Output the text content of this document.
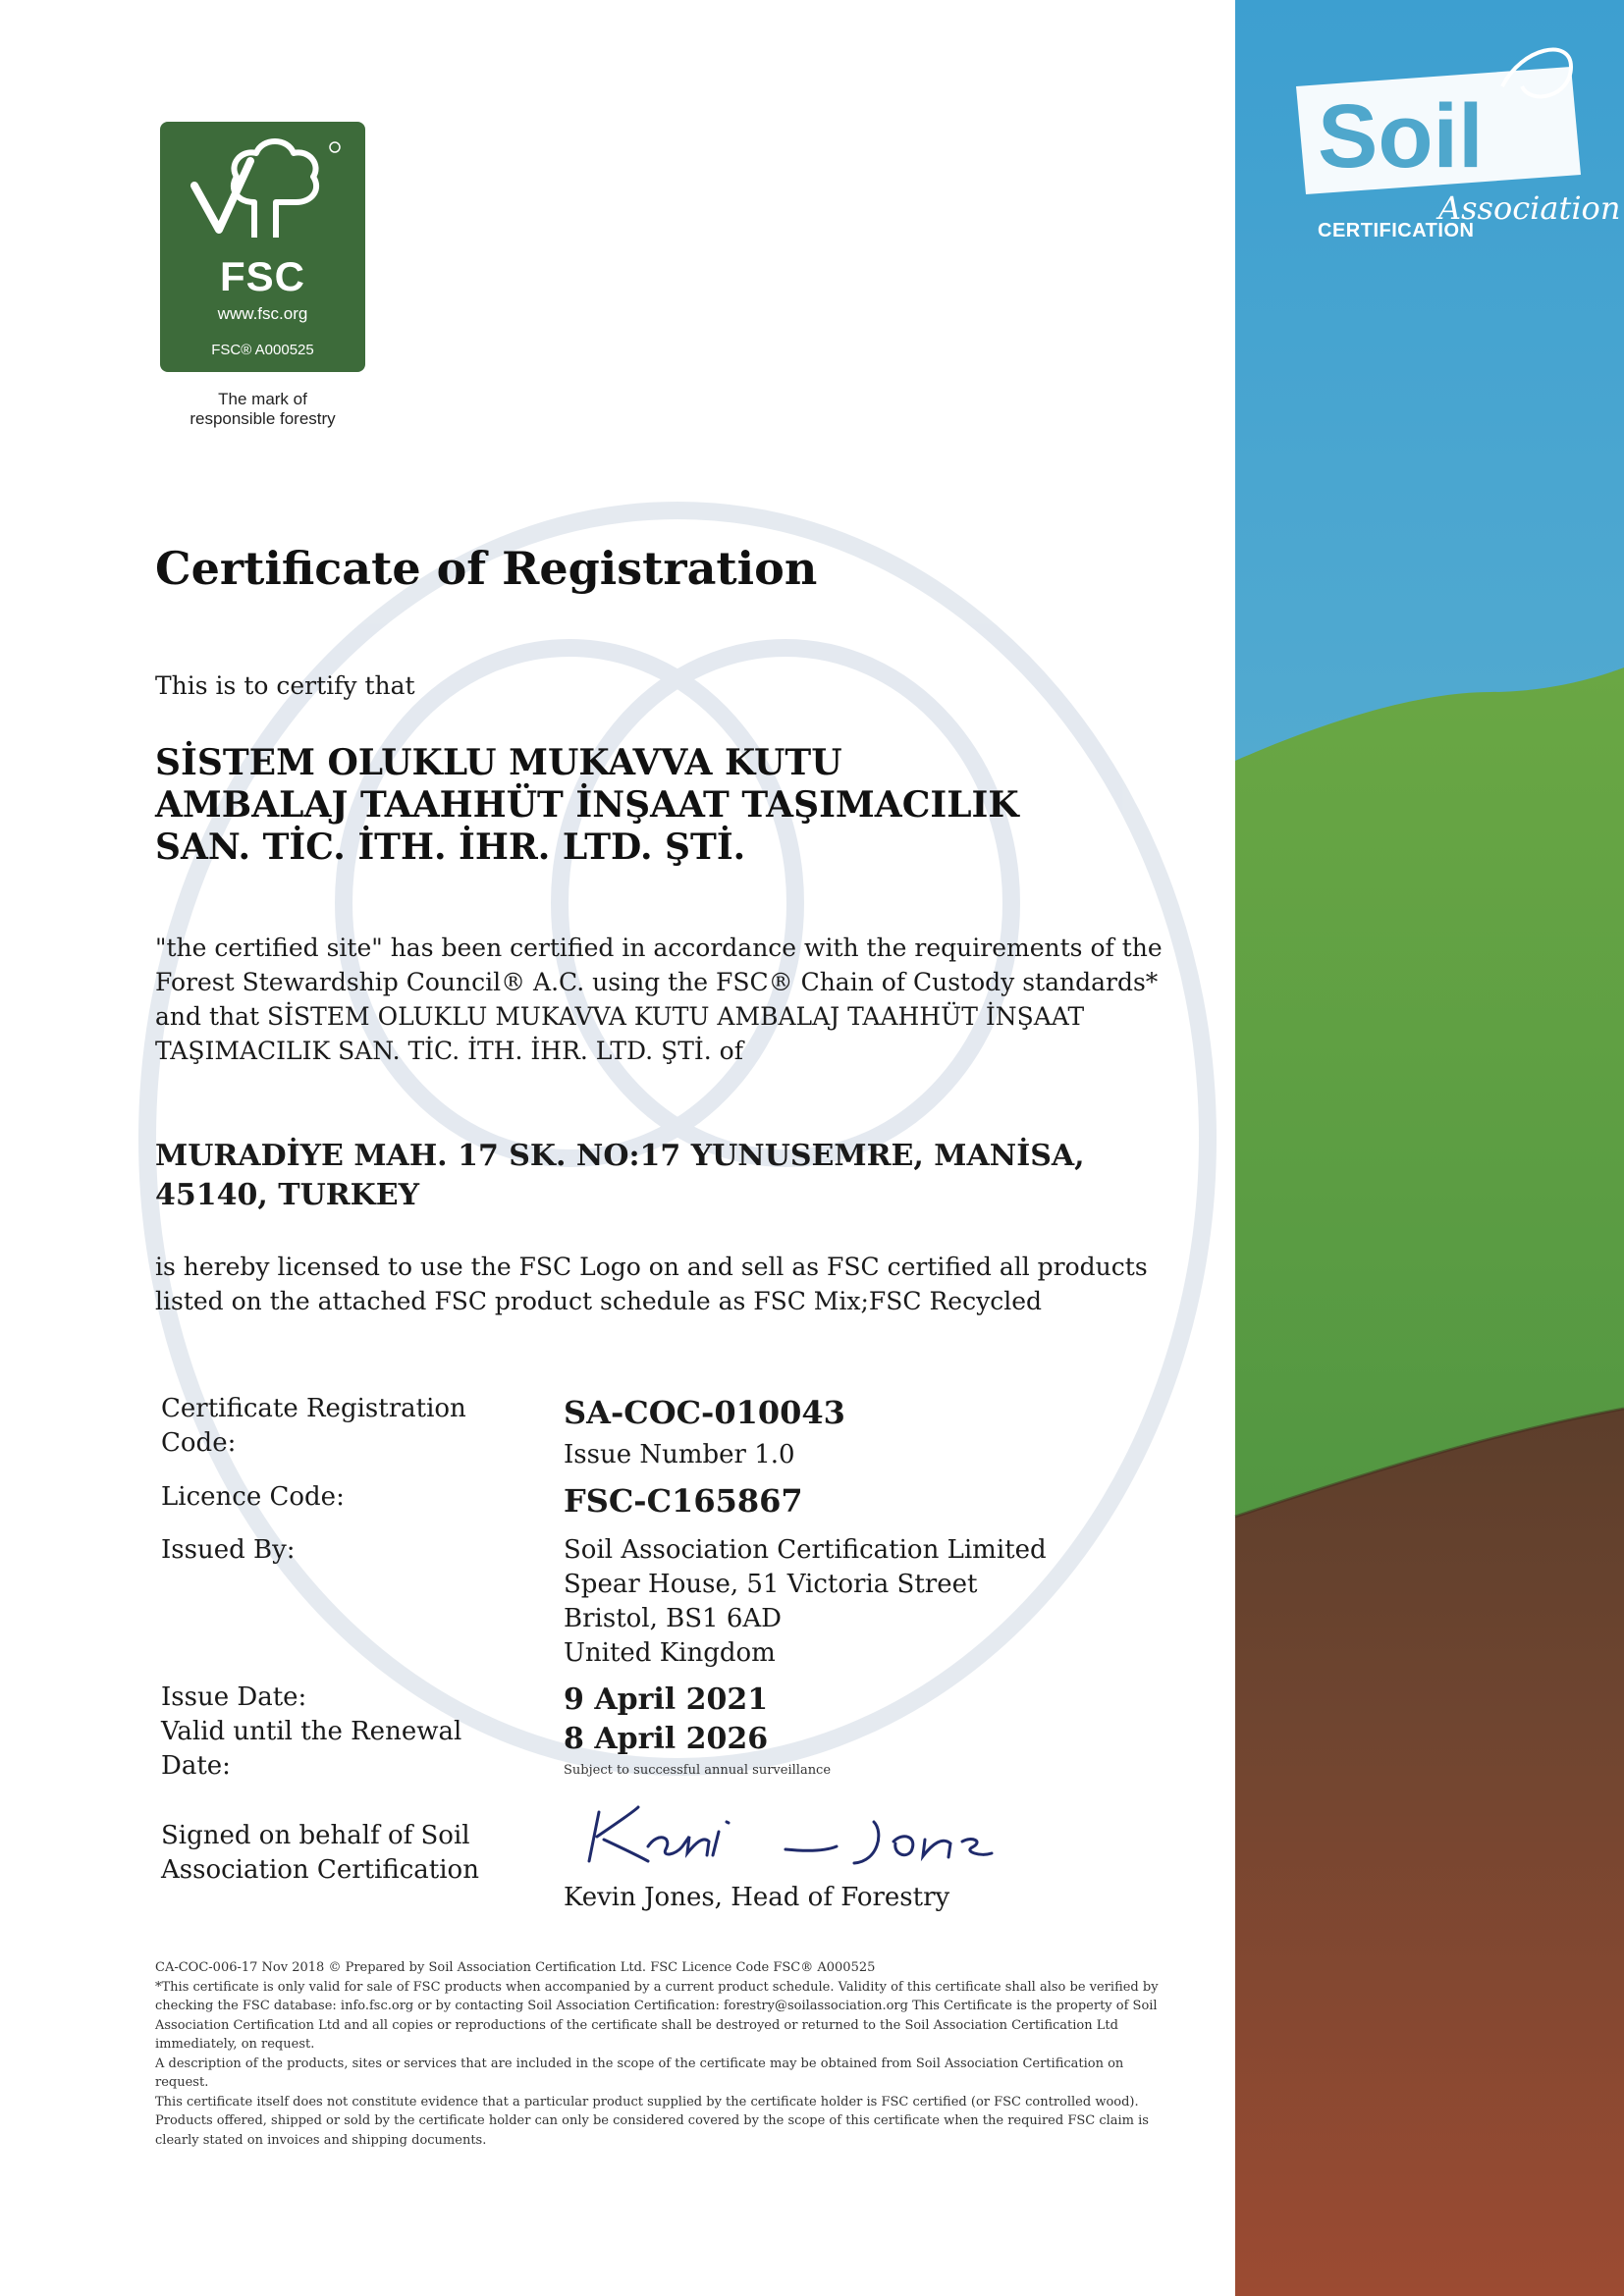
Soil
Association
CERTIFICATION
FSC
www.fsc.org
FSC® A000525
The mark of
responsible forestry
Certificate of Registration
This is to certify that
SİSTEM OLUKLU MUKAVVA KUTU
AMBALAJ TAAHHÜT İNŞAAT TAŞIMACILIK
SAN. TİC. İTH. İHR. LTD. ŞTİ.
"the certified site" has been certified in accordance with the requirements of the Forest Stewardship Council® A.C. using the FSC® Chain of Custody standards* and that SİSTEM OLUKLU MUKAVVA KUTU AMBALAJ TAAHHÜT İNŞAAT TAŞIMACILIK SAN. TİC. İTH. İHR. LTD. ŞTİ. of
MURADİYE MAH. 17 SK. NO:17 YUNUSEMRE, MANİSA, 45140, TURKEY
is hereby licensed to use the FSC Logo on and sell as FSC certified all products listed on the attached FSC product schedule as FSC Mix;FSC Recycled
Certificate Registration
Code:
SA-COC-010043
Issue Number 1.0
Licence Code:	FSC-C165867
Issued By:	Soil Association Certification Limited
Spear House, 51 Victoria Street
Bristol, BS1 6AD
United Kingdom
Issue Date:	9 April 2021
Valid until the Renewal
Date:
8 April 2026
Subject to successful annual surveillance
Signed on behalf of Soil
Association Certification
Kevin Jones, Head of Forestry
CA-COC-006-17 Nov 2018 © Prepared by Soil Association Certification Ltd. FSC Licence Code FSC® A000525
*This certificate is only valid for sale of FSC products when accompanied by a current product schedule. Validity of this certificate shall also be verified by checking the FSC database: info.fsc.org or by contacting Soil Association Certification: forestry@soilassociation.org This Certificate is the property of Soil Association Certification Ltd and all copies or reproductions of the certificate shall be destroyed or returned to the Soil Association Certification Ltd immediately, on request.
A description of the products, sites or services that are included in the scope of the certificate may be obtained from Soil Association Certification on request.
This certificate itself does not constitute evidence that a particular product supplied by the certificate holder is FSC certified (or FSC controlled wood). Products offered, shipped or sold by the certificate holder can only be considered covered by the scope of this certificate when the required FSC claim is clearly stated on invoices and shipping documents.
